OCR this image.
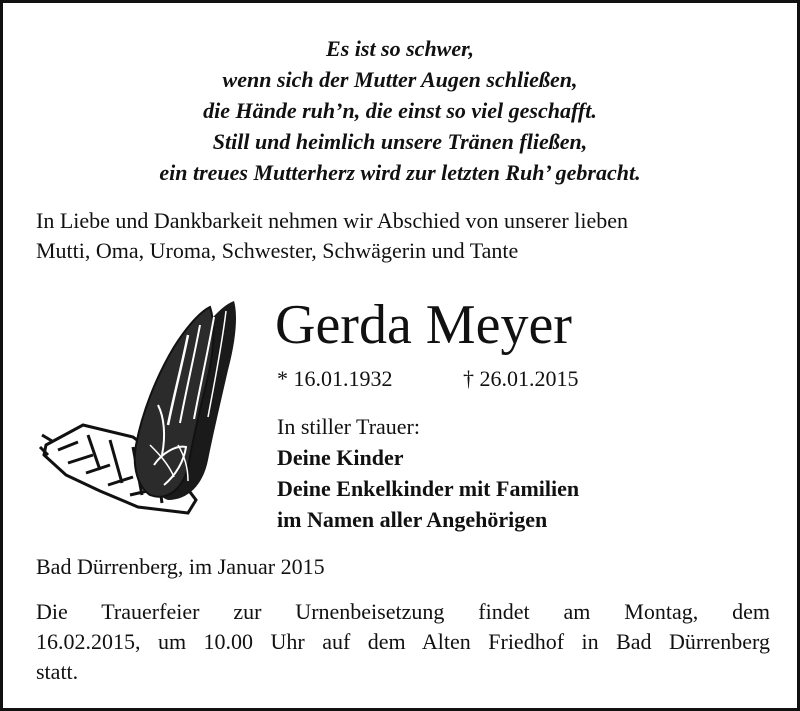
Es ist so schwer,
wenn sich der Mutter Augen schließen,
die Hände ruh’n, die einst so viel geschafft.
Still und heimlich unsere Tränen fließen,
ein treues Mutterherz wird zur letzten Ruh’ gebracht.
In Liebe und Dankbarkeit nehmen wir Abschied von unserer lieben
Mutti, Oma, Uroma, Schwester, Schwägerin und Tante
Gerda Meyer
* 16.01.1932	† 26.01.2015
In stiller Trauer:
Deine Kinder
Deine Enkelkinder mit Familien
im Namen aller Angehörigen
Bad Dürrenberg, im Januar 2015
Die Trauerfeier zur Urnenbeisetzung findet am Montag, dem
16.02.2015, um 10.00 Uhr auf dem Alten Friedhof in Bad Dürrenberg
statt.
